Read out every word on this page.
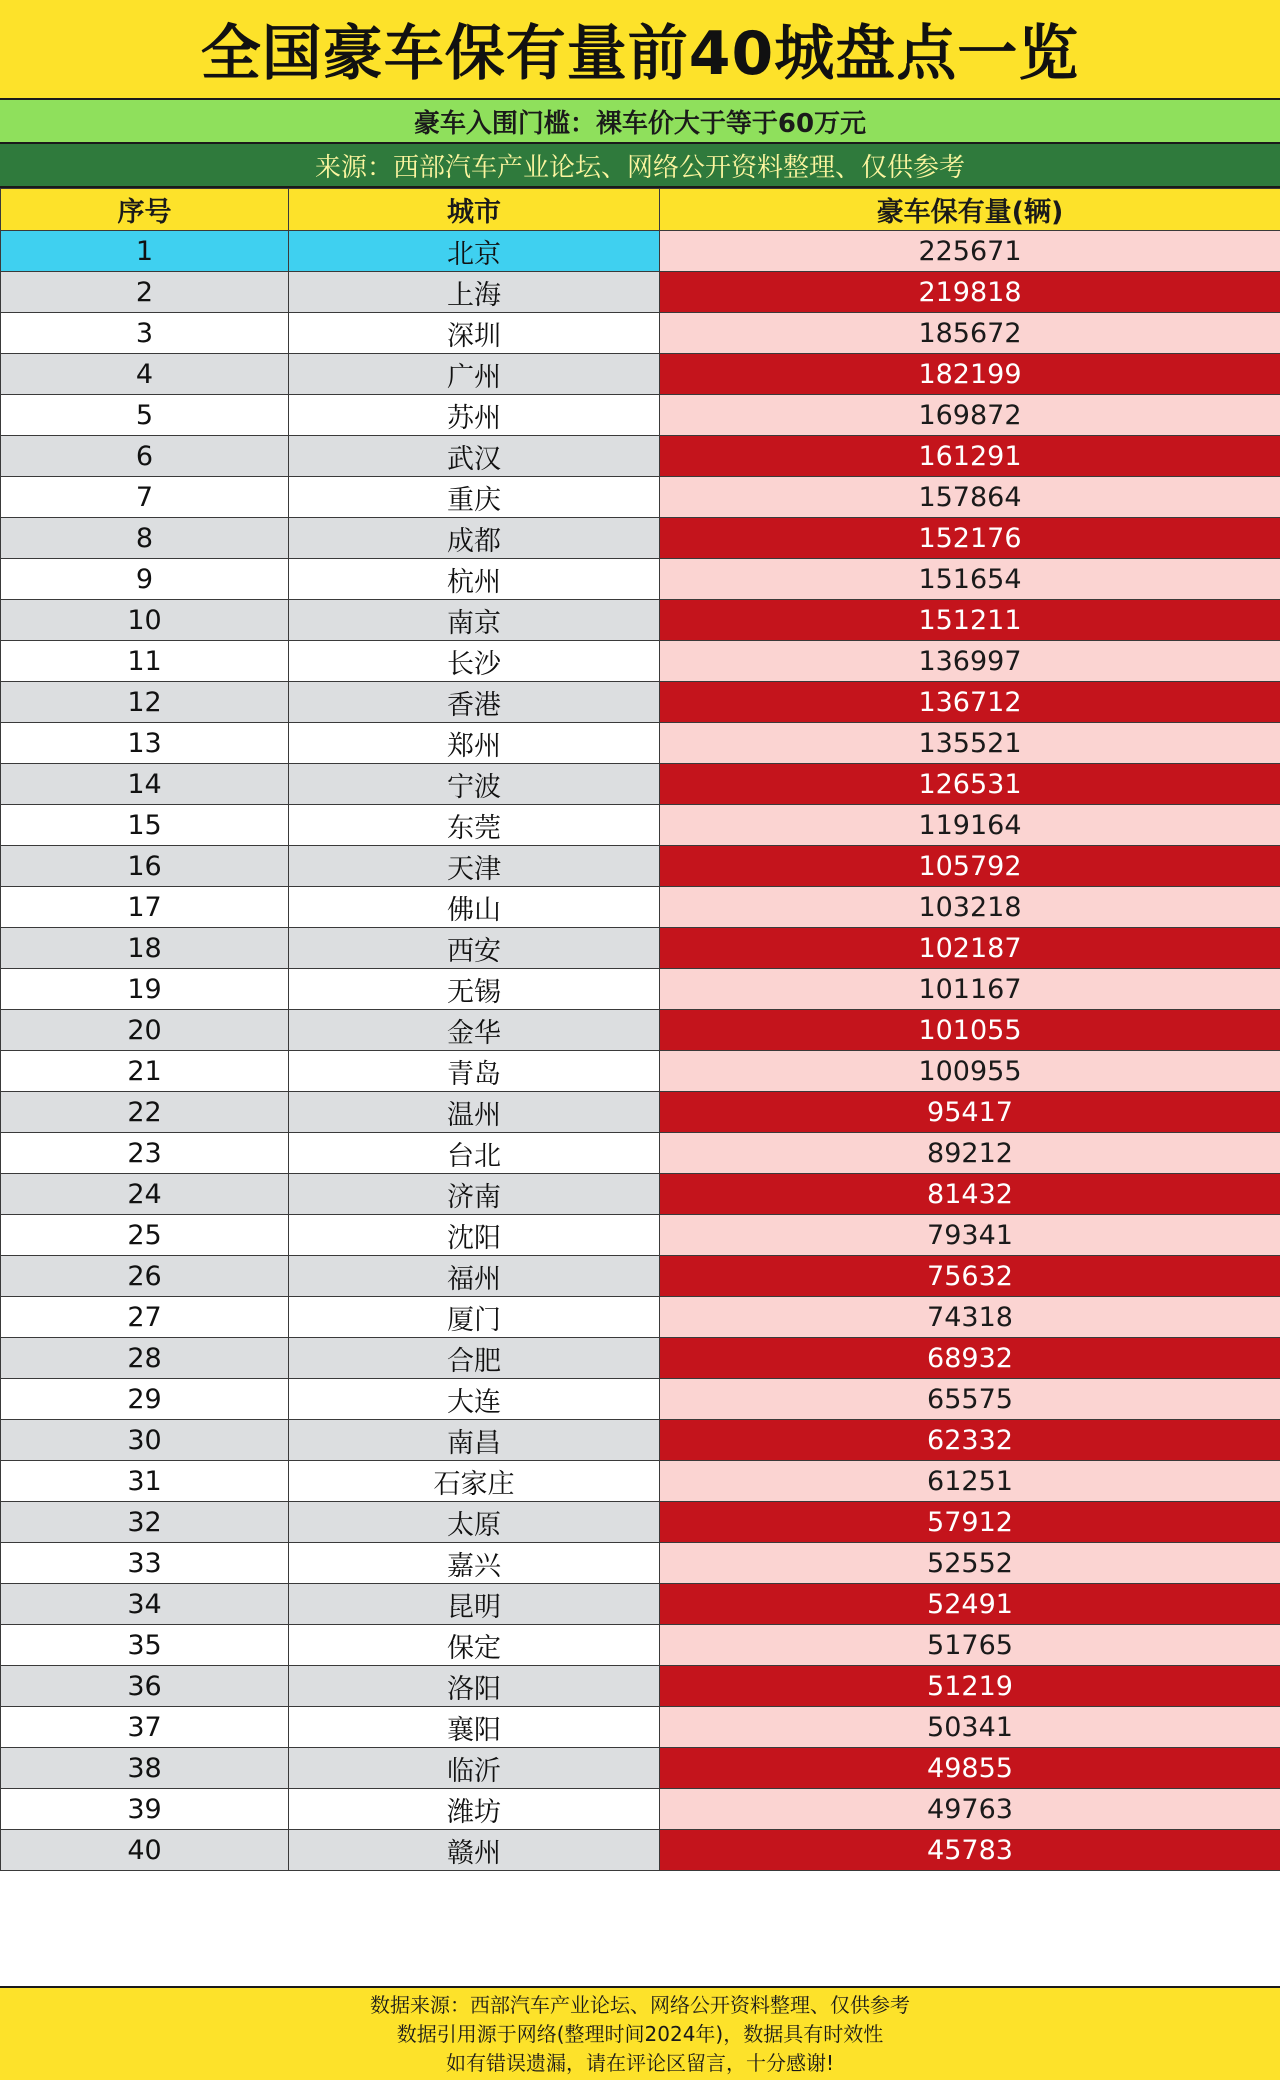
全国豪车保有量前40城盘点一览
豪车入围门槛：裸车价大于等于60万元
来源：西部汽车产业论坛、网络公开资料整理、仅供参考
序号	城市	豪车保有量(辆)
1	北京	225671
2	上海	219818
3	深圳	185672
4	广州	182199
5	苏州	169872
6	武汉	161291
7	重庆	157864
8	成都	152176
9	杭州	151654
10	南京	151211
11	长沙	136997
12	香港	136712
13	郑州	135521
14	宁波	126531
15	东莞	119164
16	天津	105792
17	佛山	103218
18	西安	102187
19	无锡	101167
20	金华	101055
21	青岛	100955
22	温州	95417
23	台北	89212
24	济南	81432
25	沈阳	79341
26	福州	75632
27	厦门	74318
28	合肥	68932
29	大连	65575
30	南昌	62332
31	石家庄	61251
32	太原	57912
33	嘉兴	52552
34	昆明	52491
35	保定	51765
36	洛阳	51219
37	襄阳	50341
38	临沂	49855
39	潍坊	49763
40	赣州	45783
数据来源：西部汽车产业论坛、网络公开资料整理、仅供参考
数据引用源于网络(整理时间2024年)，数据具有时效性
如有错误遗漏，请在评论区留言，十分感谢!
